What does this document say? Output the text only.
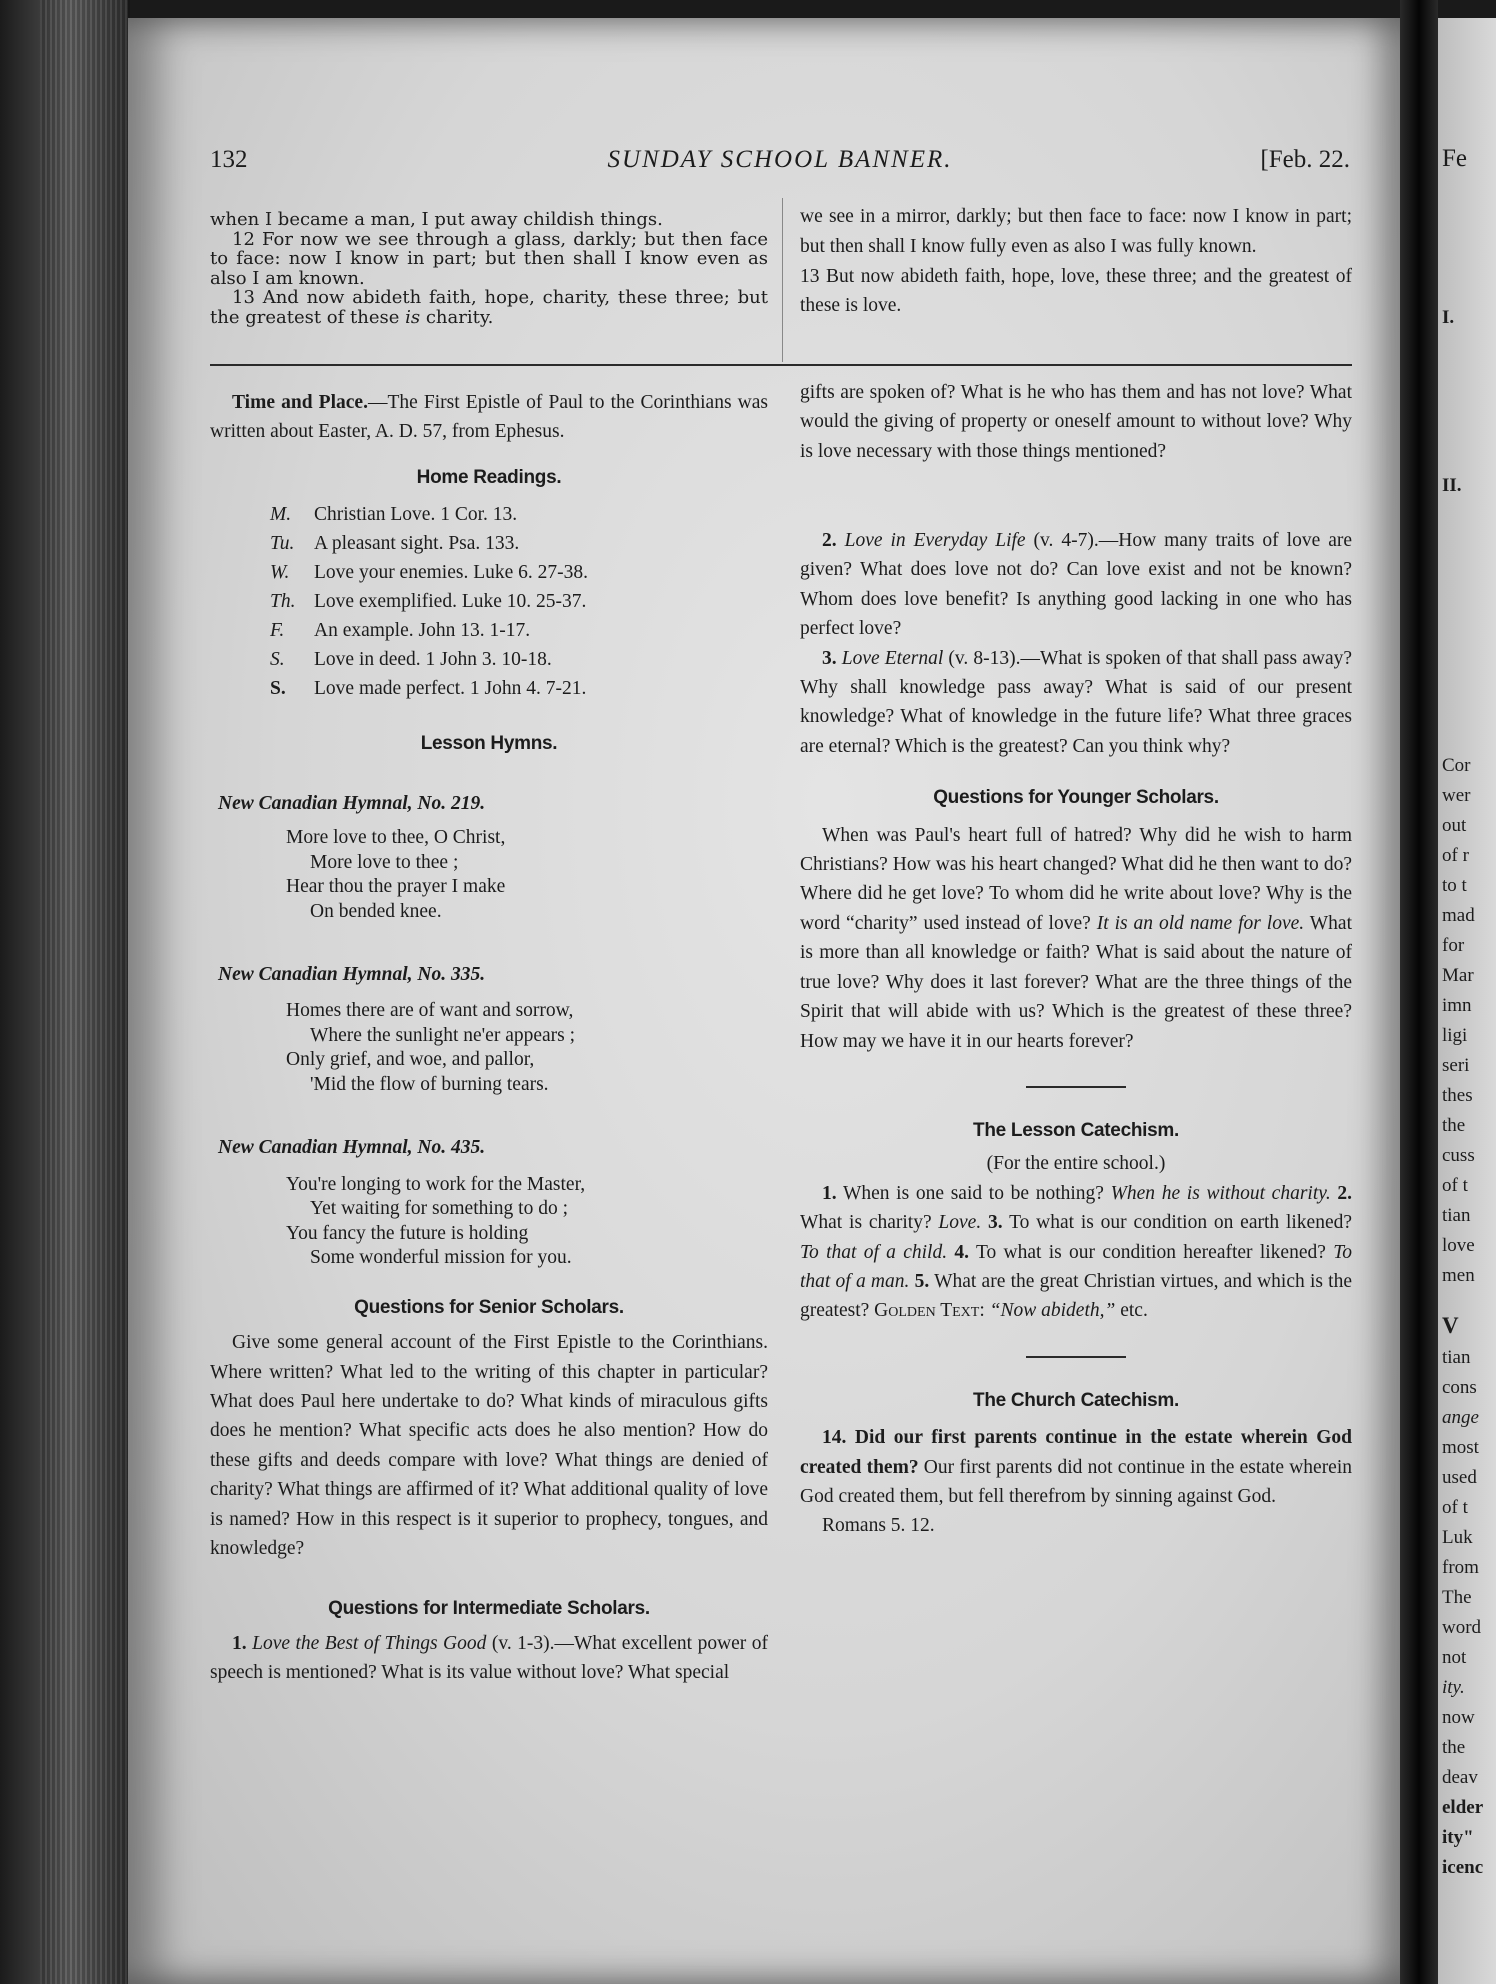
Fe
I.
II.
Cor
wer
out
of r
to t
mad
for
Mar
imn
ligi
seri
thes
the
cuss
of t
tian
love
men
V
tian
cons
ange
most
used
of t
Luk
from
The
word
not
ity.
now
the
deav
elder
ity"
icenc
132	SUNDAY SCHOOL BANNER.	[Feb. 22.

when I became a man, I put away childish things.

12 For now we see through a glass, darkly; but then face to face: now I know in part; but then shall I know even as also I am known.

13 And now abideth faith, hope, charity, these three; but the greatest of these is charity.

we see in a mirror, darkly; but then face to face: now I know in part; but then shall I know fully even as also I was fully known.

13 But now abideth faith, hope, love, these three; and the greatest of these is love.

Time and Place.—The First Epistle of Paul to the Corinthians was written about Easter, A. D. 57, from Ephesus.

Home Readings.
M. Christian Love. 1 Cor. 13.
Tu. A pleasant sight. Psa. 133.
W. Love your enemies. Luke 6. 27-38.
Th. Love exemplified. Luke 10. 25-37.
F. An example. John 13. 1-17.
S. Love in deed. 1 John 3. 10-18.
S. Love made perfect. 1 John 4. 7-21.
Lesson Hymns.

New Canadian Hymnal, No. 219.

More love to thee, O Christ,
More love to thee ;
Hear thou the prayer I make
On bended knee.

New Canadian Hymnal, No. 335.

Homes there are of want and sorrow,
Where the sunlight ne'er appears ;
Only grief, and woe, and pallor,
'Mid the flow of burning tears.

New Canadian Hymnal, No. 435.

You're longing to work for the Master,
Yet waiting for something to do ;
You fancy the future is holding
Some wonderful mission for you.
Questions for Senior Scholars.

Give some general account of the First Epistle to the Corinthians. Where written? What led to the writing of this chapter in particular? What does Paul here undertake to do? What kinds of miraculous gifts does he mention? What specific acts does he also mention? How do these gifts and deeds compare with love? What things are denied of charity? What things are affirmed of it? What additional quality of love is named? How in this respect is it superior to prophecy, tongues, and knowledge?

Questions for Intermediate Scholars.

1. Love the Best of Things Good (v. 1-3).—What excellent power of speech is mentioned? What is its value without love? What special

gifts are spoken of? What is he who has them and has not love? What would the giving of property or oneself amount to without love? Why is love necessary with those things mentioned?

2. Love in Everyday Life (v. 4-7).—How many traits of love are given? What does love not do? Can love exist and not be known? Whom does love benefit? Is anything good lacking in one who has perfect love?

3. Love Eternal (v. 8-13).—What is spoken of that shall pass away? Why shall knowledge pass away? What is said of our present knowledge? What of knowledge in the future life? What three graces are eternal? Which is the greatest? Can you think why?

Questions for Younger Scholars.

When was Paul's heart full of hatred? Why did he wish to harm Christians? How was his heart changed? What did he then want to do? Where did he get love? To whom did he write about love? Why is the word “charity” used instead of love? It is an old name for love. What is more than all knowledge or faith? What is said about the nature of true love? Why does it last forever? What are the three things of the Spirit that will abide with us? Which is the greatest of these three? How may we have it in our hearts forever?

The Lesson Catechism.

(For the entire school.)

1. When is one said to be nothing? When he is without charity. 2. What is charity? Love. 3. To what is our condition on earth likened? To that of a child. 4. To what is our condition hereafter likened? To that of a man. 5. What are the great Christian virtues, and which is the greatest? Golden Text: “Now abideth,” etc.

The Church Catechism.

14. Did our first parents continue in the estate wherein God created them? Our first parents did not continue in the estate wherein God created them, but fell therefrom by sinning against God.

Romans 5. 12.
